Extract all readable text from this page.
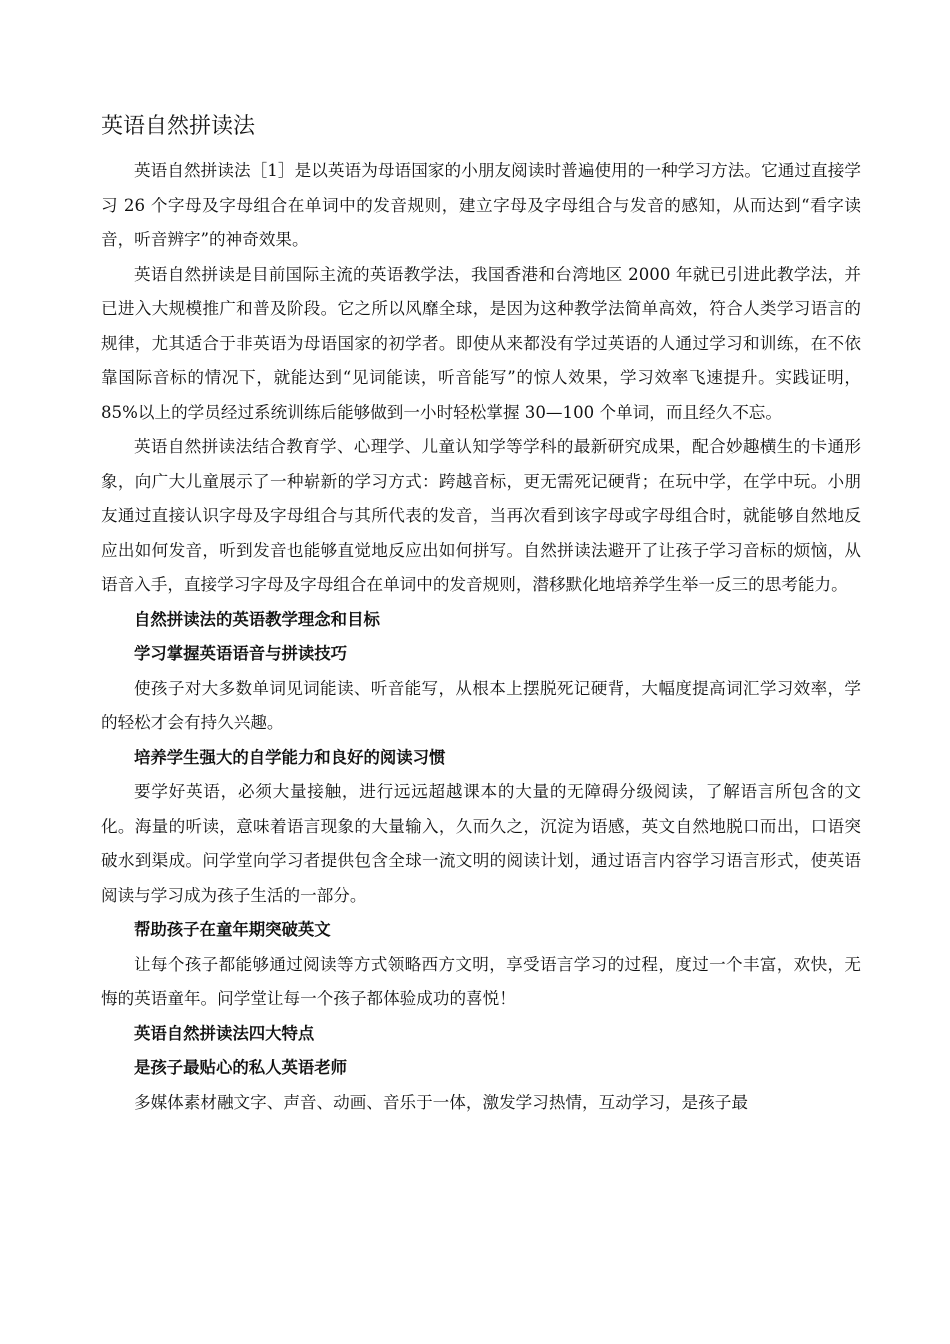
英语自然拼读法

英语自然拼读法［1］是以英语为母语国家的小朋友阅读时普遍使用的一种学习方法。它通过直接学习 26 个字母及字母组合在单词中的发音规则，建立字母及字母组合与发音的感知，从而达到“看字读音，听音辨字”的神奇效果。

英语自然拼读是目前国际主流的英语教学法，我国香港和台湾地区 2000 年就已引进此教学法，并已进入大规模推广和普及阶段。它之所以风靡全球，是因为这种教学法简单高效，符合人类学习语言的规律，尤其适合于非英语为母语国家的初学者。即使从来都没有学过英语的人通过学习和训练，在不依靠国际音标的情况下，就能达到“见词能读，听音能写”的惊人效果，学习效率飞速提升。实践证明，85%以上的学员经过系统训练后能够做到一小时轻松掌握 30—100 个单词，而且经久不忘。

英语自然拼读法结合教育学、心理学、儿童认知学等学科的最新研究成果，配合妙趣横生的卡通形象，向广大儿童展示了一种崭新的学习方式：跨越音标，更无需死记硬背；在玩中学，在学中玩。小朋友通过直接认识字母及字母组合与其所代表的发音，当再次看到该字母或字母组合时，就能够自然地反应出如何发音，听到发音也能够直觉地反应出如何拼写。自然拼读法避开了让孩子学习音标的烦恼，从语音入手，直接学习字母及字母组合在单词中的发音规则，潜移默化地培养学生举一反三的思考能力。

自然拼读法的英语教学理念和目标
学习掌握英语语音与拼读技巧

使孩子对大多数单词见词能读、听音能写，从根本上摆脱死记硬背，大幅度提高词汇学习效率，学的轻松才会有持久兴趣。

培养学生强大的自学能力和良好的阅读习惯

要学好英语，必须大量接触，进行远远超越课本的大量的无障碍分级阅读，了解语言所包含的文化。海量的听读，意味着语言现象的大量输入，久而久之，沉淀为语感，英文自然地脱口而出，口语突破水到渠成。问学堂向学习者提供包含全球一流文明的阅读计划，通过语言内容学习语言形式，使英语阅读与学习成为孩子生活的一部分。

帮助孩子在童年期突破英文

让每个孩子都能够通过阅读等方式领略西方文明，享受语言学习的过程，度过一个丰富，欢快，无悔的英语童年。问学堂让每一个孩子都体验成功的喜悦！

英语自然拼读法四大特点
是孩子最贴心的私人英语老师

多媒体素材融文字、声音、动画、音乐于一体，激发学习热情，互动学习，是孩子最
